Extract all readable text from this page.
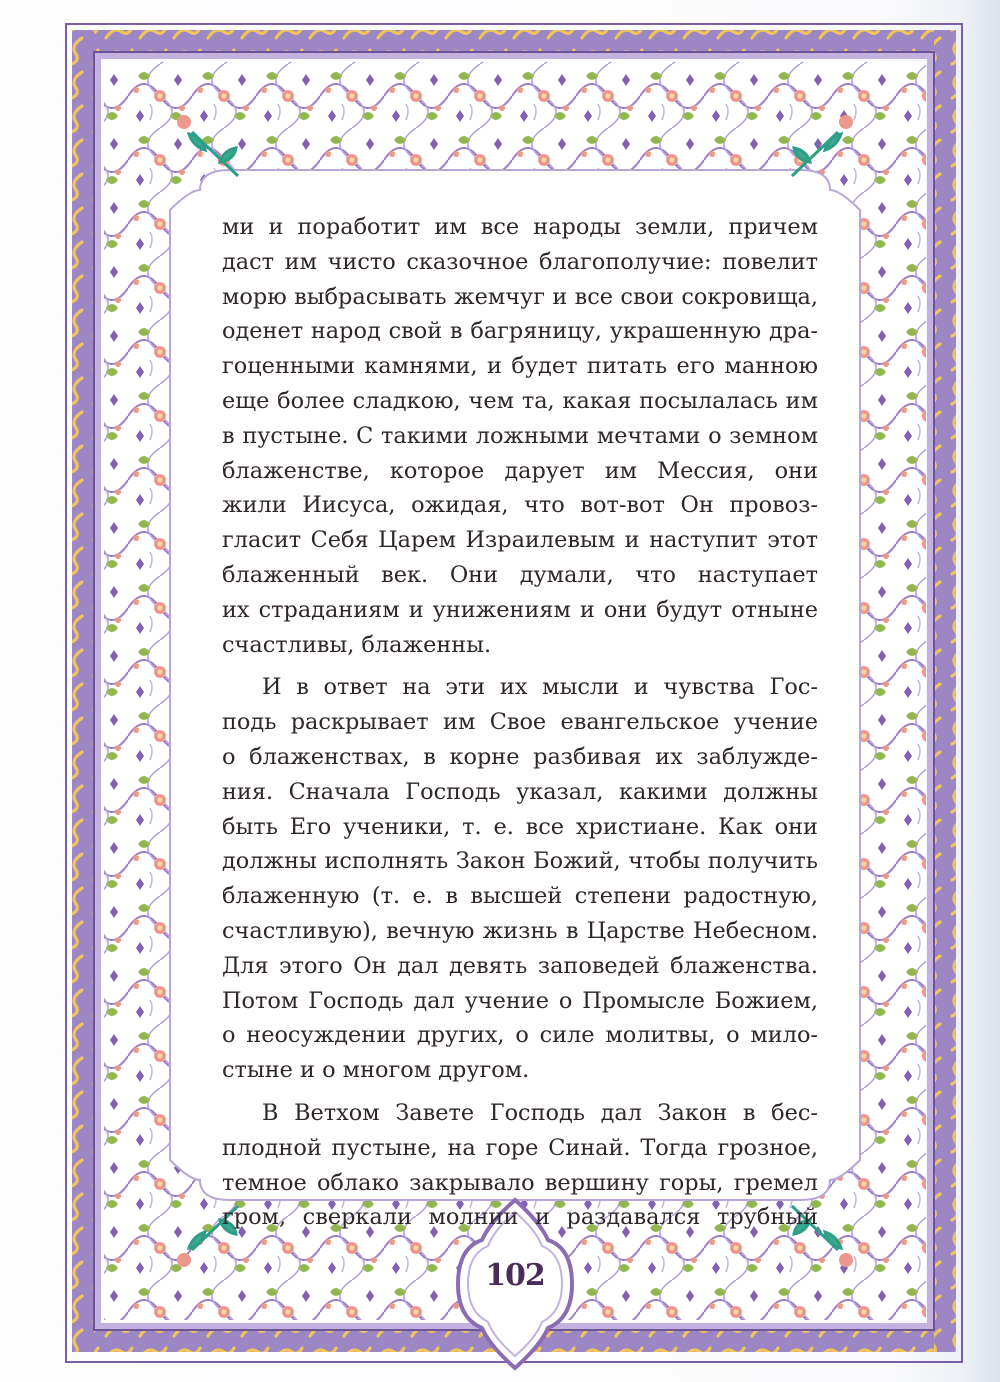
ми и поработит им все народы земли, причем
даст им чисто сказочное благополучие: повелит
морю выбрасывать жемчуг и все свои сокровища,
оденет народ свой в багряницу, украшенную дра-
гоценными камнями, и будет питать его манною
еще более сладкою, чем та, какая посылалась им
в пустыне. С такими ложными мечтами о земном
блаженстве, которое дарует им Мессия, они
жили Иисуса, ожидая, что вот-вот Он провоз-
гласит Себя Царем Израилевым и наступит этот
блаженный век. Они думали, что наступает
их страданиям и унижениям и они будут отныне
счастливы, блаженны.
И в ответ на эти их мысли и чувства Гос-
подь раскрывает им Свое евангельское учение
о блаженствах, в корне разбивая их заблужде-
ния. Сначала Господь указал, какими должны
быть Его ученики, т. е. все христиане. Как они
должны исполнять Закон Божий, чтобы получить
блаженную (т. е. в высшей степени радостную,
счастливую), вечную жизнь в Царстве Небесном.
Для этого Он дал девять заповедей блаженства.
Потом Господь дал учение о Промысле Божием,
о неосуждении других, о силе молитвы, о мило-
стыне и о многом другом.
В Ветхом Завете Господь дал Закон в бес-
плодной пустыне, на горе Синай. Тогда грозное,
темное облако закрывало вершину горы, гремел
гром, сверкали молнии и раздавался трубный
102
